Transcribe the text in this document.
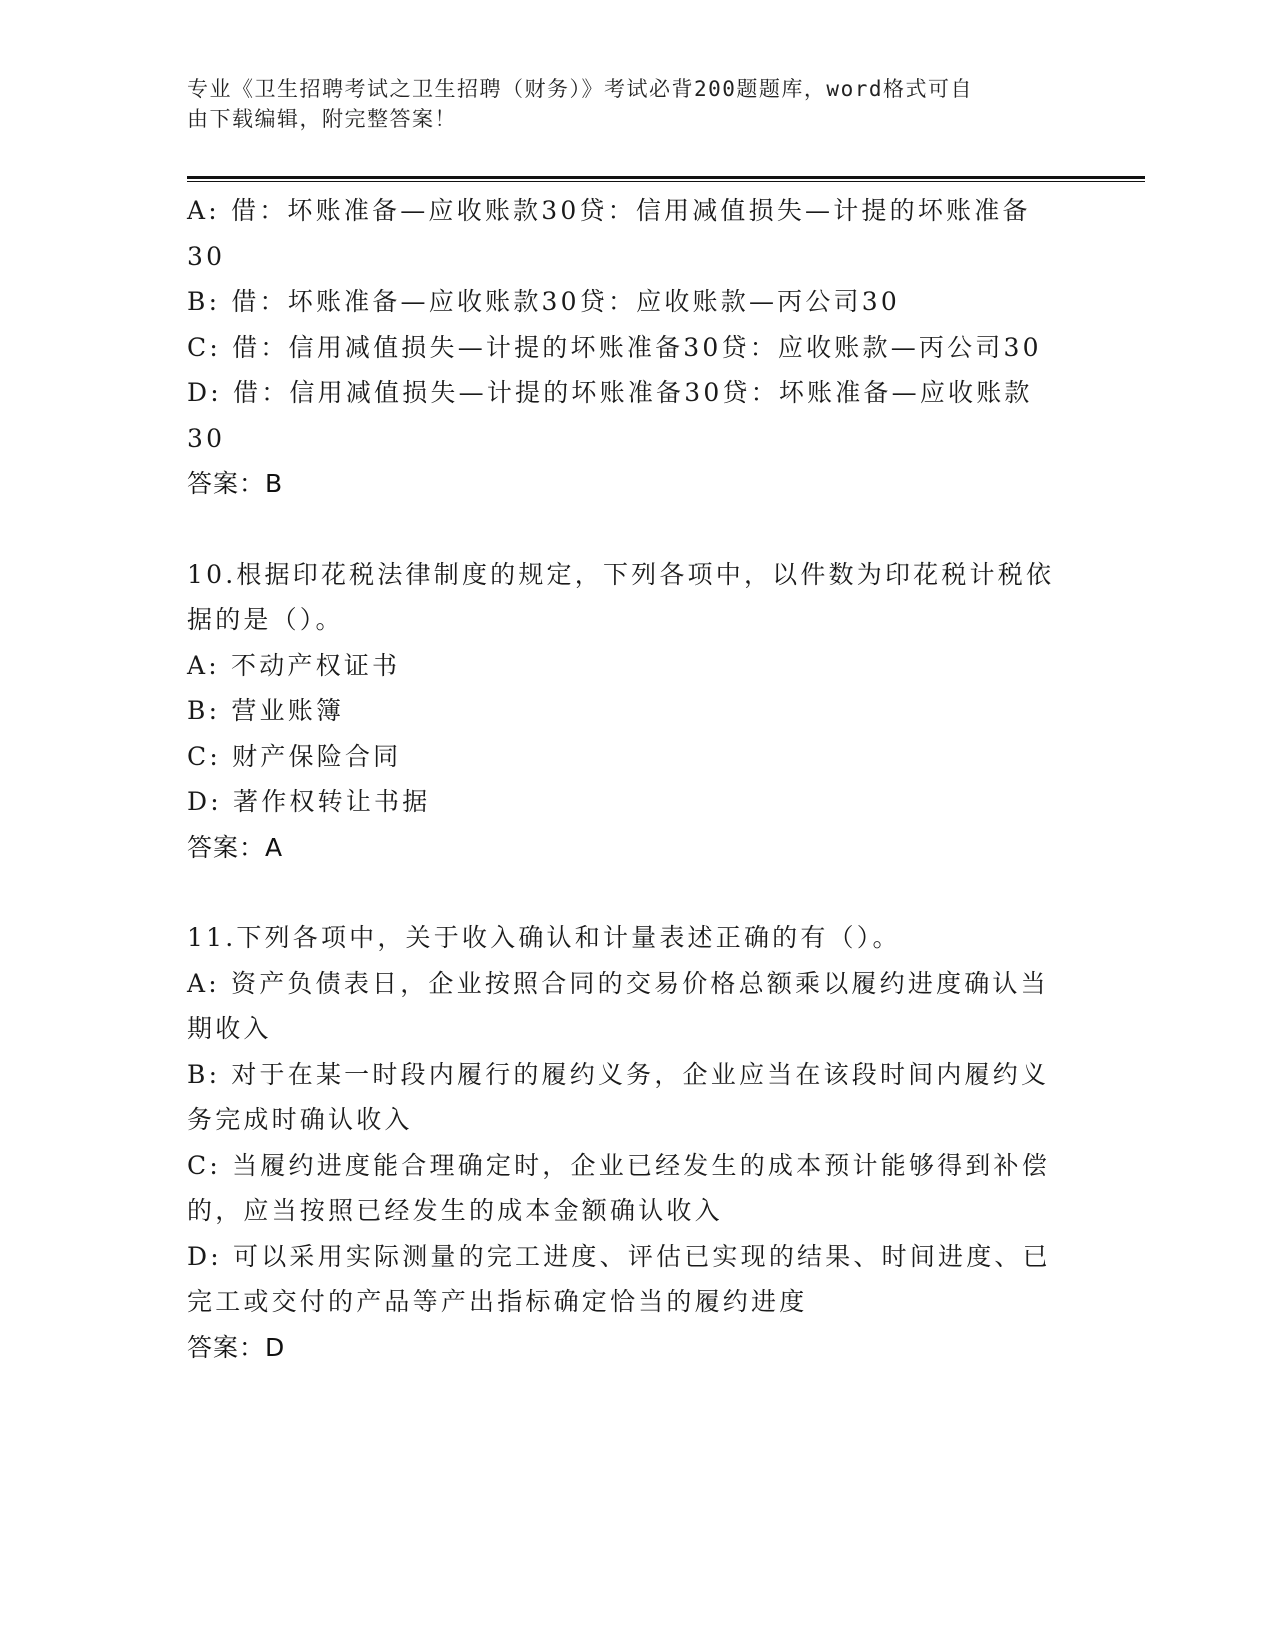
专业《卫生招聘考试之卫生招聘（财务）》考试必背200题题库，word格式可自
由下载编辑，附完整答案！
A: 借：坏账准备—应收账款30贷：信用减值损失—计提的坏账准备
30
B: 借：坏账准备—应收账款30贷：应收账款—丙公司30
C: 借：信用减值损失—计提的坏账准备30贷：应收账款—丙公司30
D: 借：信用减值损失—计提的坏账准备30贷：坏账准备—应收账款
30
答案：B
10.根据印花税法律制度的规定，下列各项中，以件数为印花税计税依
据的是（）。
A: 不动产权证书
B: 营业账簿
C: 财产保险合同
D: 著作权转让书据
答案：A
11.下列各项中，关于收入确认和计量表述正确的有（）。
A: 资产负债表日，企业按照合同的交易价格总额乘以履约进度确认当
期收入
B: 对于在某一时段内履行的履约义务，企业应当在该段时间内履约义
务完成时确认收入
C: 当履约进度能合理确定时，企业已经发生的成本预计能够得到补偿
的，应当按照已经发生的成本金额确认收入
D: 可以采用实际测量的完工进度、评估已实现的结果、时间进度、已
完工或交付的产品等产出指标确定恰当的履约进度
答案：D
